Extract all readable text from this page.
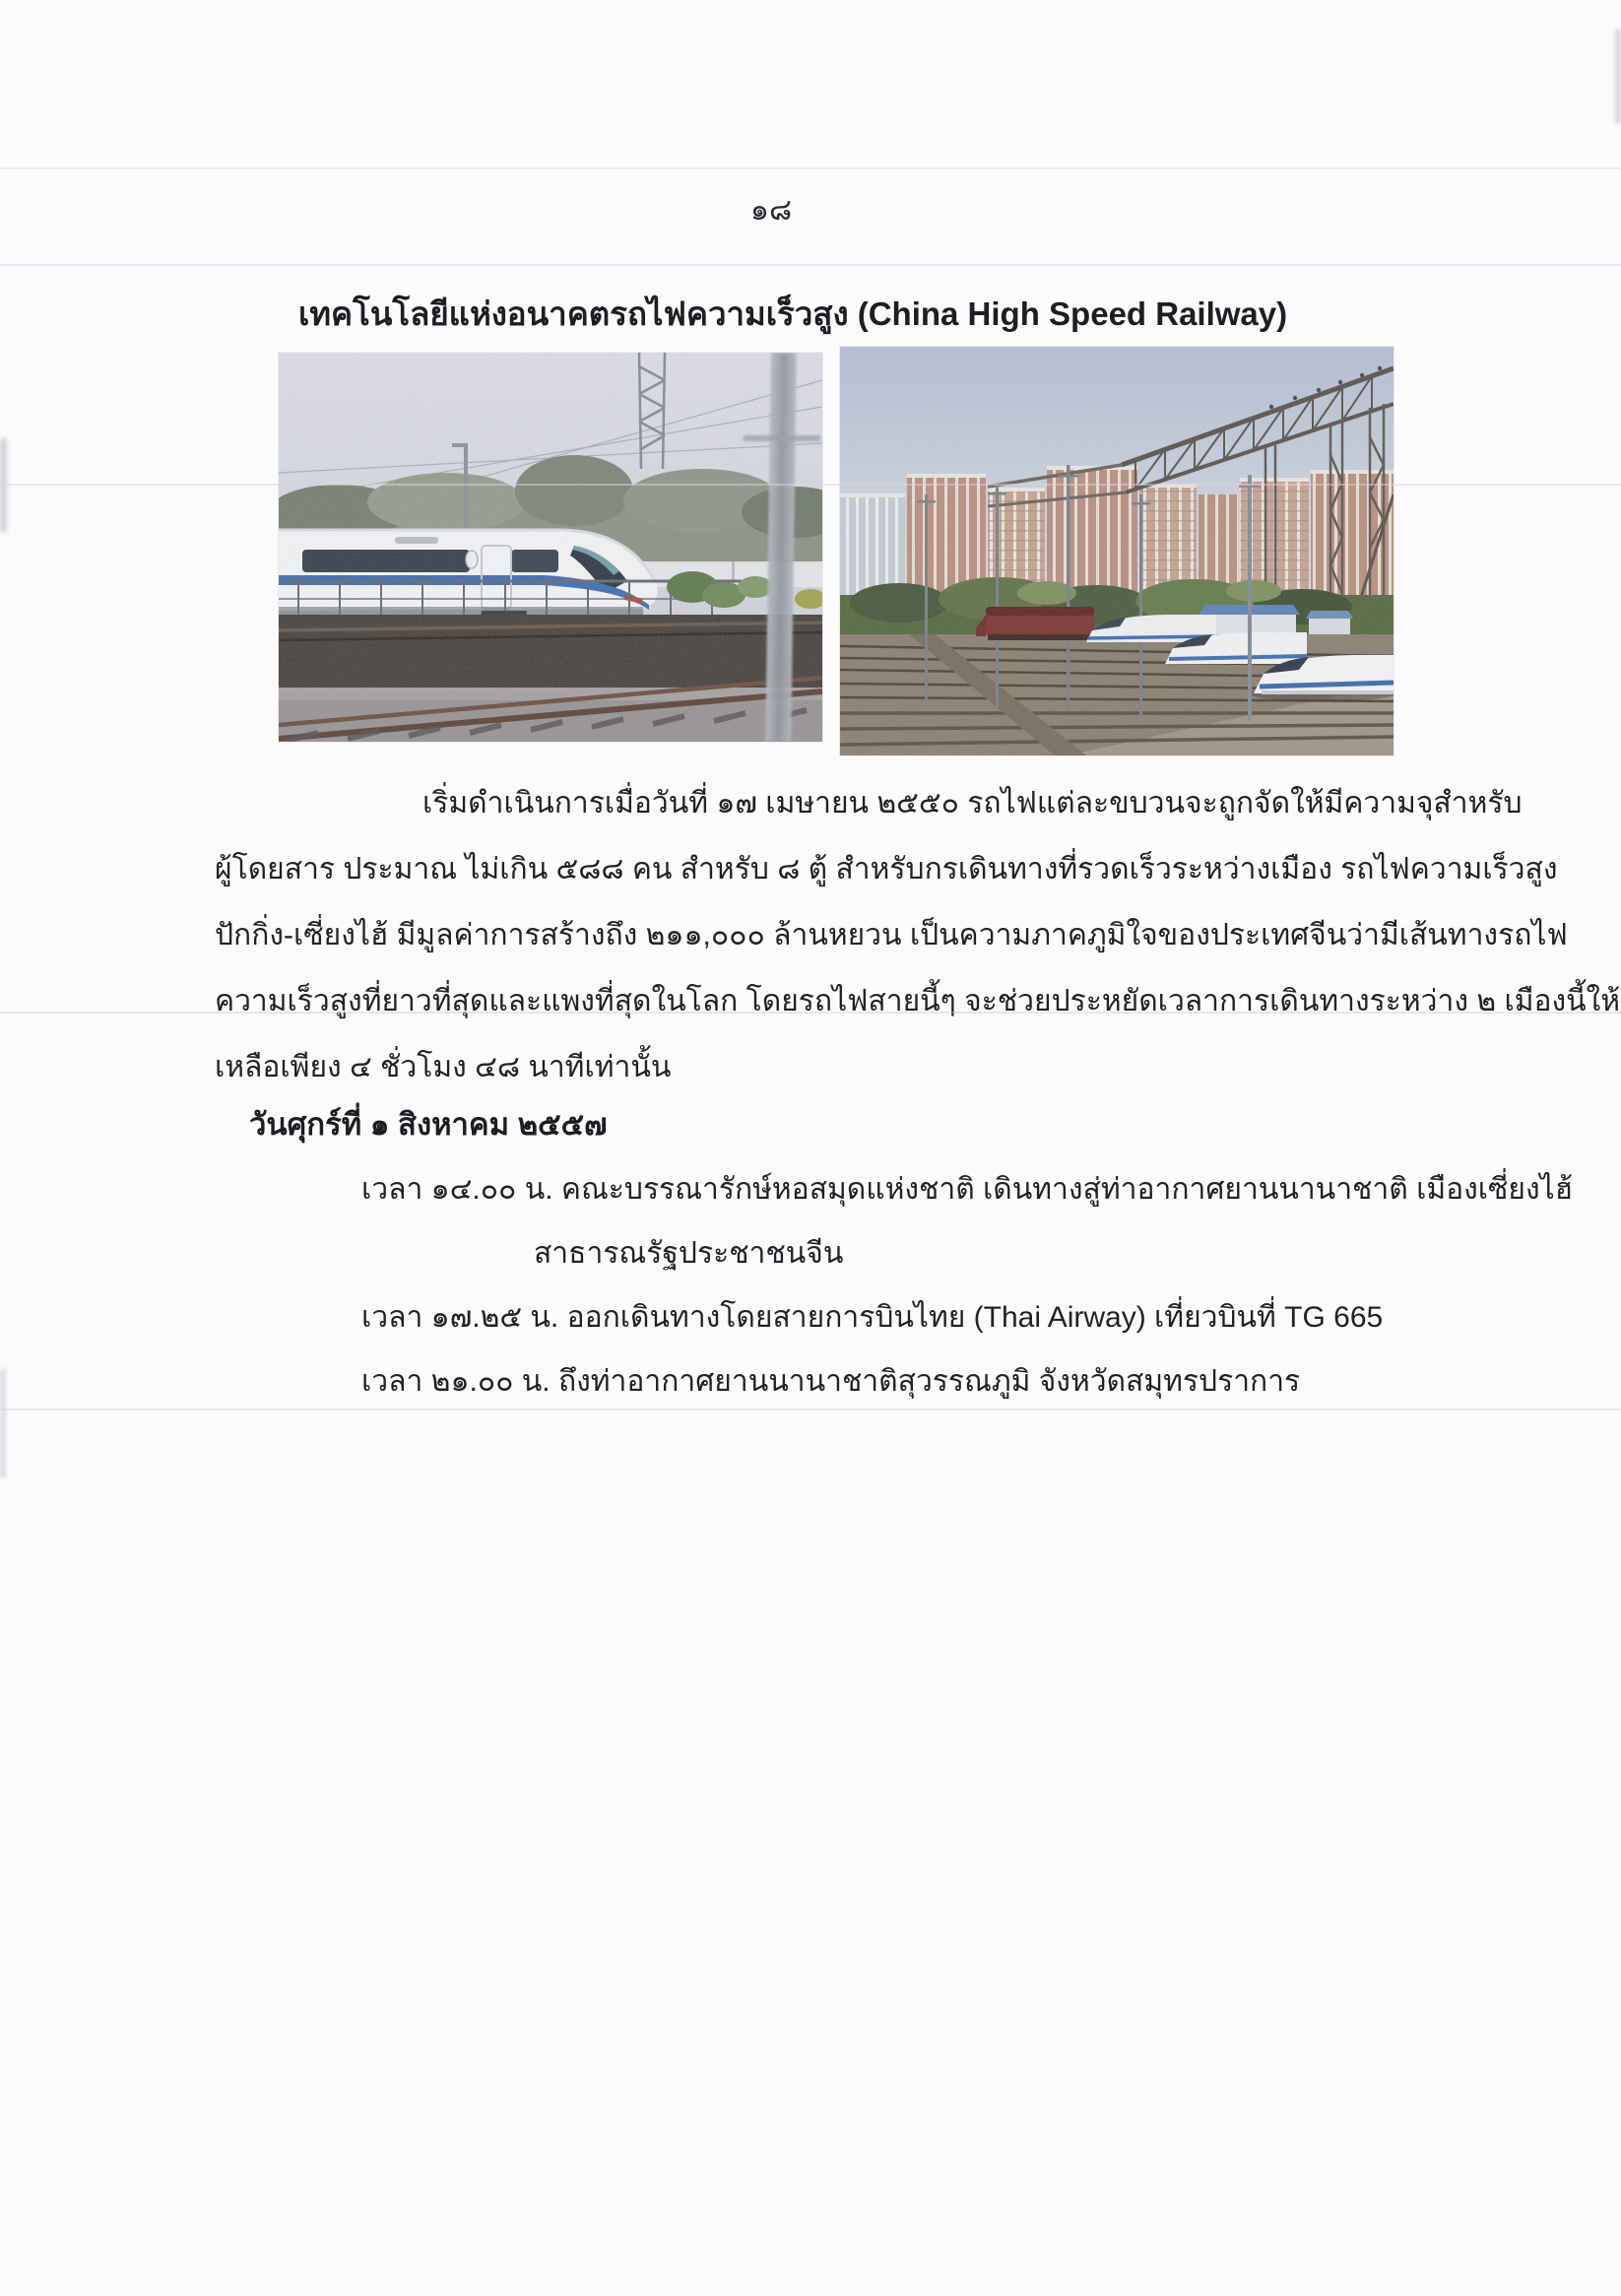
๑๘
เทคโนโลยีแห่งอนาคตรถไฟความเร็วสูง (China High Speed Railway)
เริ่มดำเนินการเมื่อวันที่ ๑๗ เมษายน ๒๕๕๐ รถไฟแต่ละขบวนจะถูกจัดให้มีความจุสำหรับ
ผู้โดยสาร ประมาณ ไม่เกิน ๕๘๘ คน สำหรับ ๘ ตู้ สำหรับกรเดินทางที่รวดเร็วระหว่างเมือง รถไฟความเร็วสูง
ปักกิ่ง-เซี่ยงไฮ้ มีมูลค่าการสร้างถึง ๒๑๑,๐๐๐ ล้านหยวน เป็นความภาคภูมิใจของประเทศจีนว่ามีเส้นทางรถไฟ
ความเร็วสูงที่ยาวที่สุดและแพงที่สุดในโลก โดยรถไฟสายนี้ๆ จะช่วยประหยัดเวลาการเดินทางระหว่าง ๒ เมืองนี้ให้
เหลือเพียง ๔ ชั่วโมง ๔๘ นาทีเท่านั้น
วันศุกร์ที่ ๑ สิงหาคม ๒๕๕๗
เวลา ๑๔.๐๐ น. คณะบรรณารักษ์หอสมุดแห่งชาติ เดินทางสู่ท่าอากาศยานนานาชาติ เมืองเซี่ยงไฮ้
สาธารณรัฐประชาชนจีน
เวลา ๑๗.๒๕ น. ออกเดินทางโดยสายการบินไทย (Thai Airway) เที่ยวบินที่ TG 665
เวลา ๒๑.๐๐ น. ถึงท่าอากาศยานนานาชาติสุวรรณภูมิ จังหวัดสมุทรปราการ
